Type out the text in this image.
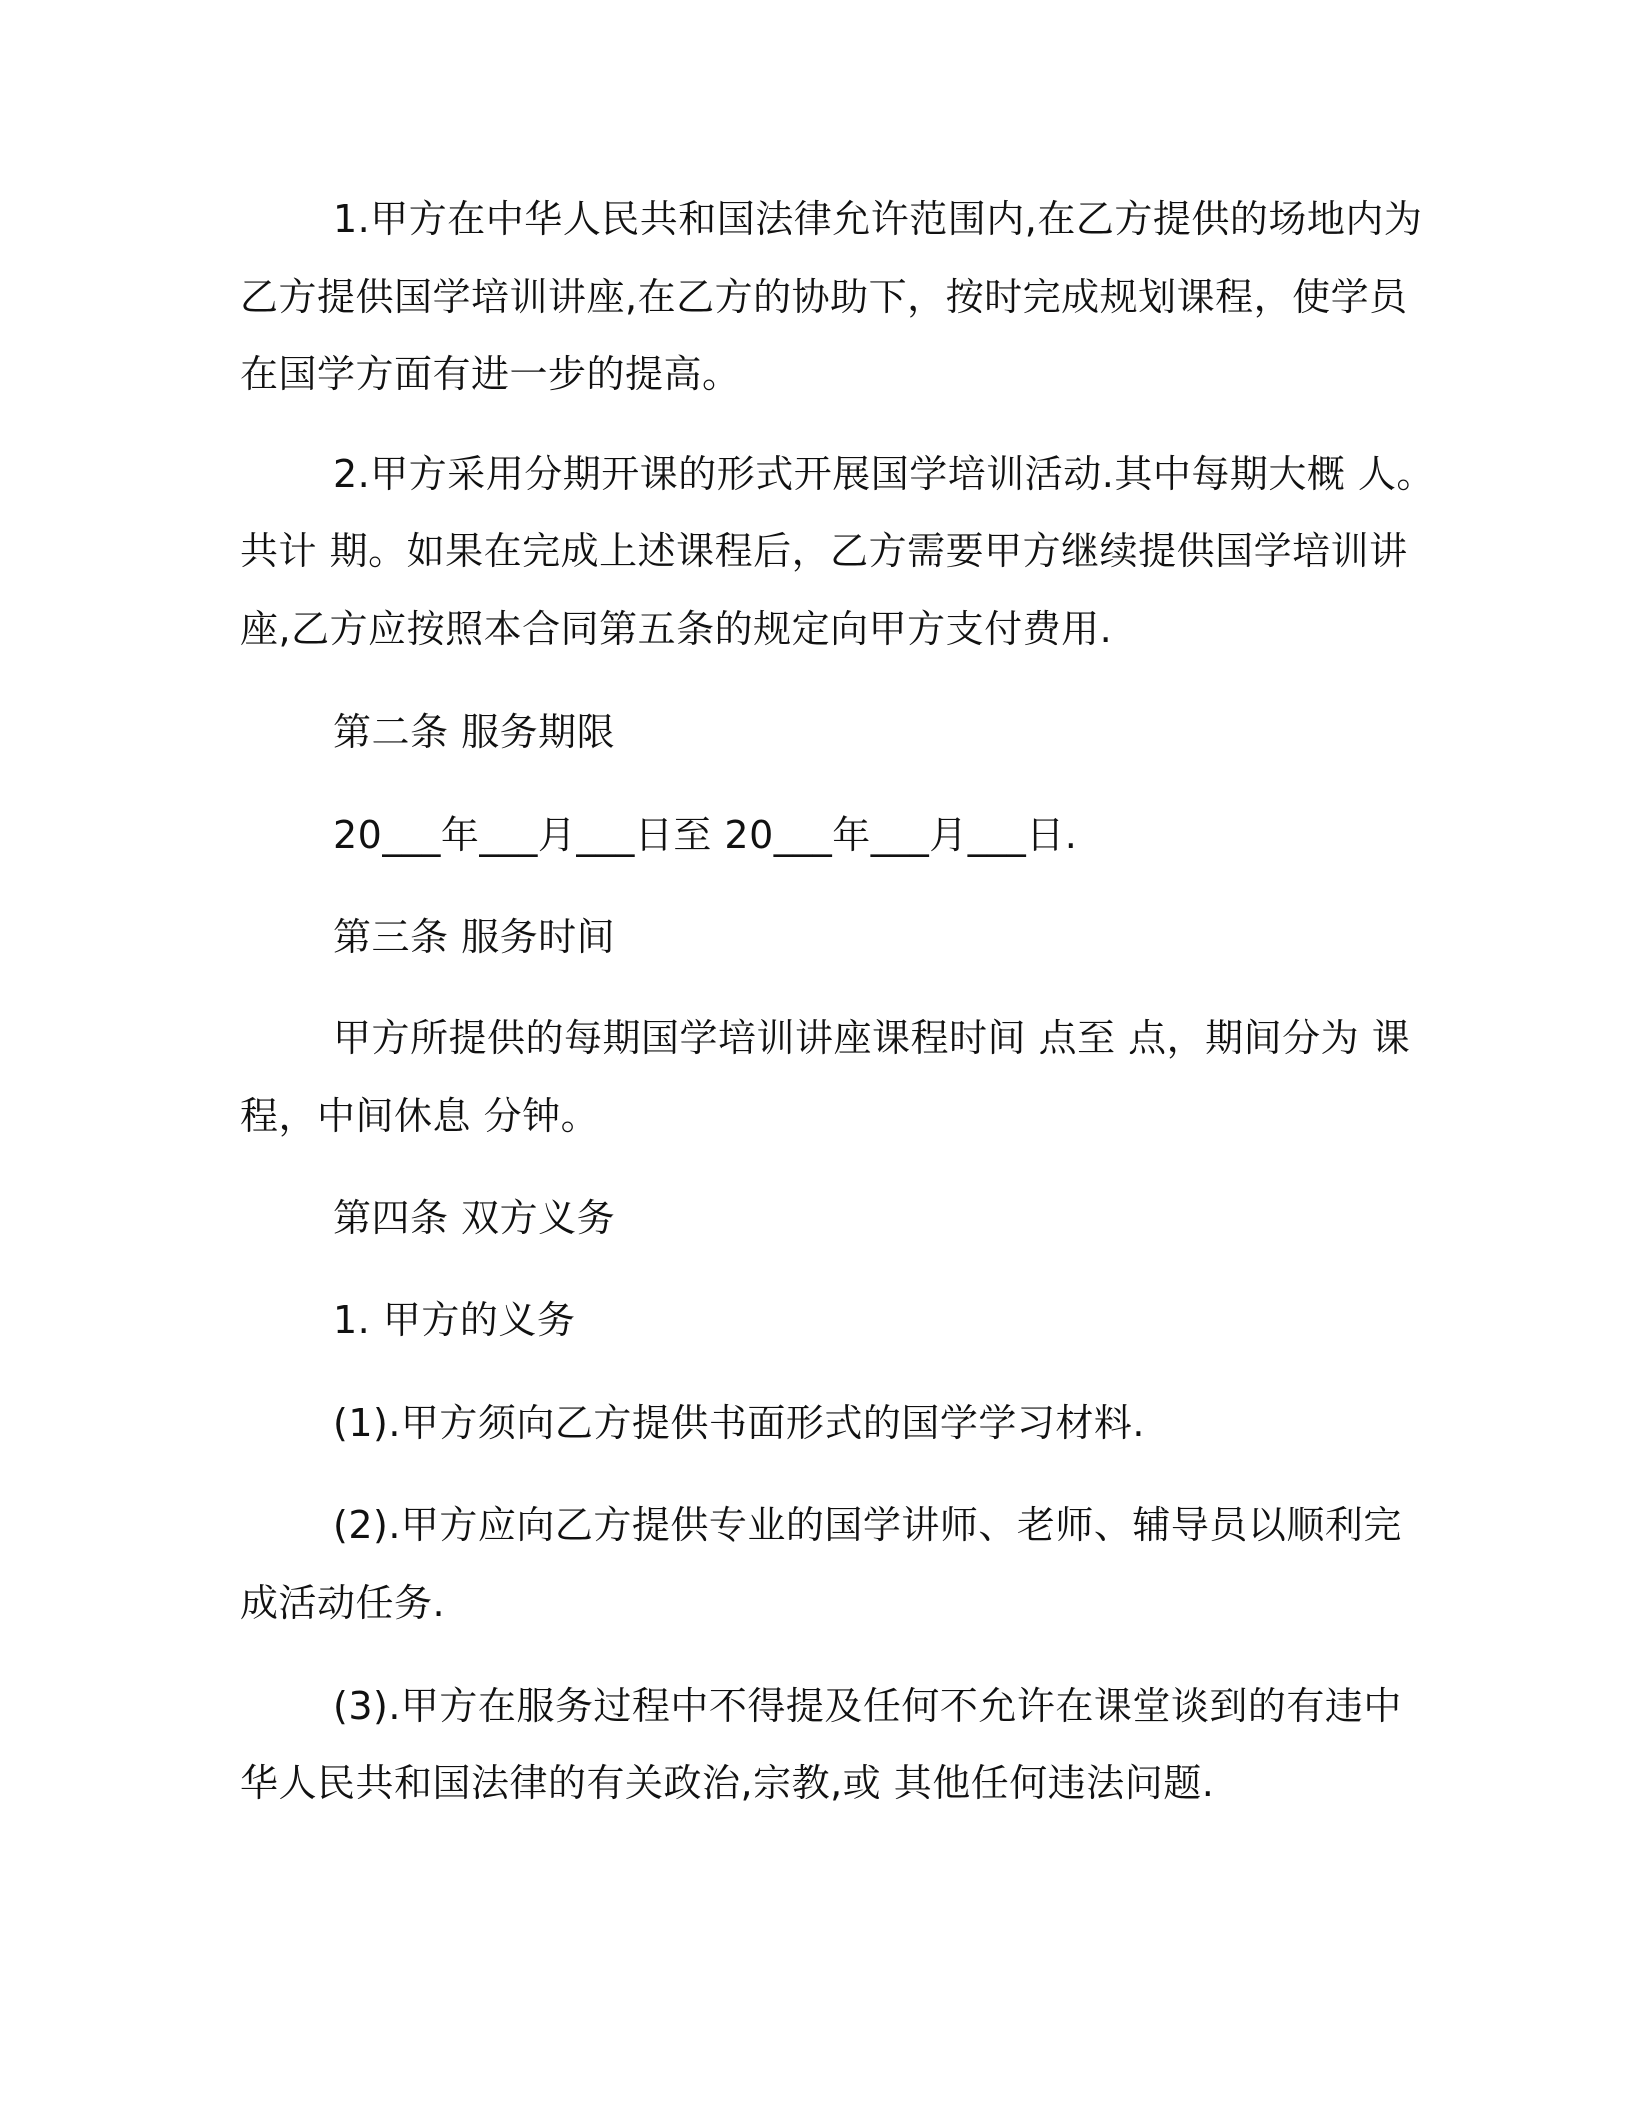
1.甲方在中华人民共和国法律允许范围内,在乙方提供的场地内为
乙方提供国学培训讲座,在乙方的协助下，按时完成规划课程，使学员
在国学方面有进一步的提高。
2.甲方采用分期开课的形式开展国学培训活动.其中每期大概 人。
共计 期。如果在完成上述课程后，乙方需要甲方继续提供国学培训讲
座,乙方应按照本合同第五条的规定向甲方支付费用.
第二条 服务期限
20___年___月___日至 20___年___月___日.
第三条 服务时间
甲方所提供的每期国学培训讲座课程时间 点至 点，期间分为 课
程，中间休息 分钟。
第四条 双方义务
1. 甲方的义务
(1).甲方须向乙方提供书面形式的国学学习材料.
(2).甲方应向乙方提供专业的国学讲师、老师、辅导员以顺利完
成活动任务.
(3).甲方在服务过程中不得提及任何不允许在课堂谈到的有违中
华人民共和国法律的有关政治,宗教,或 其他任何违法问题.
